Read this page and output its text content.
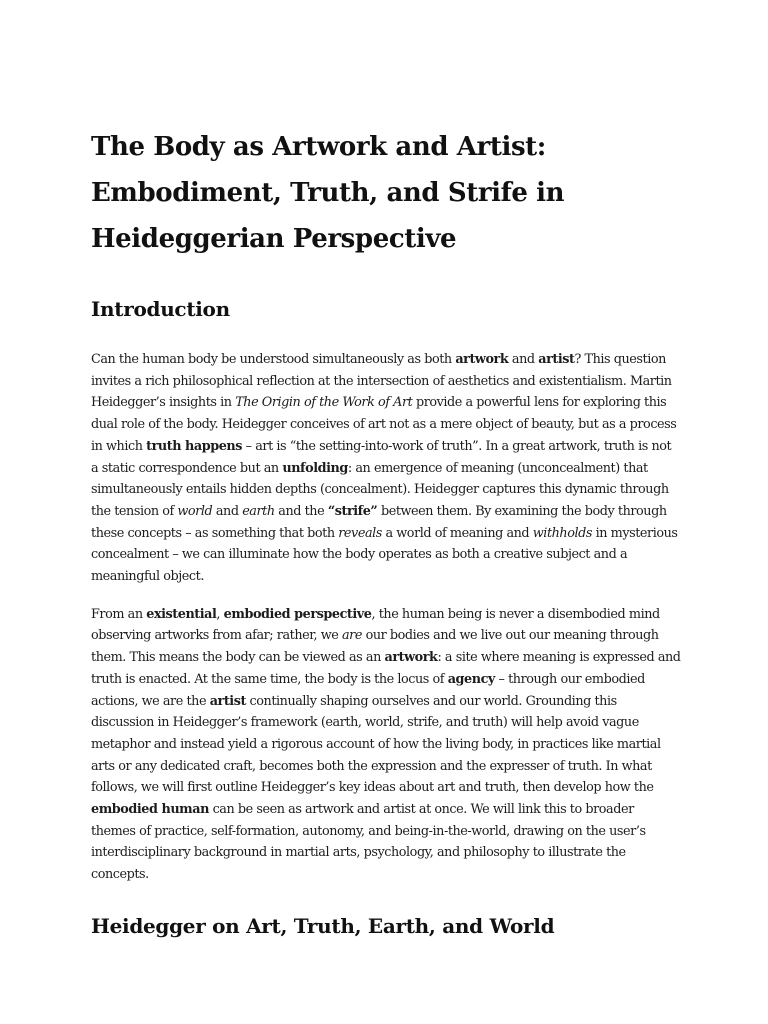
The Body as Artwork and Artist:
Embodiment, Truth, and Strife in
Heideggerian Perspective
Introduction

Can the human body be understood simultaneously as both artwork and artist? This question invites a rich philosophical reflection at the intersection of aesthetics and existentialism. Martin Heidegger’s insights in The Origin of the Work of Art provide a powerful lens for exploring this dual role of the body. Heidegger conceives of art not as a mere object of beauty, but as a process in which truth happens – art is “the setting-into-work of truth”. In a great artwork, truth is not a static correspondence but an unfolding: an emergence of meaning (unconcealment) that simultaneously entails hidden depths (concealment). Heidegger captures this dynamic through the tension of world and earth and the “strife” between them. By examining the body through these concepts – as something that both reveals a world of meaning and withholds in mysterious concealment – we can illuminate how the body operates as both a creative subject and a meaningful object.

From an existential, embodied perspective, the human being is never a disembodied mind observing artworks from afar; rather, we are our bodies and we live out our meaning through them. This means the body can be viewed as an artwork: a site where meaning is expressed and truth is enacted. At the same time, the body is the locus of agency – through our embodied actions, we are the artist continually shaping ourselves and our world. Grounding this discussion in Heidegger’s framework (earth, world, strife, and truth) will help avoid vague metaphor and instead yield a rigorous account of how the living body, in practices like martial arts or any dedicated craft, becomes both the expression and the expresser of truth. In what follows, we will first outline Heidegger’s key ideas about art and truth, then develop how the embodied human can be seen as artwork and artist at once. We will link this to broader themes of practice, self-formation, autonomy, and being-in-the-world, drawing on the user’s interdisciplinary background in martial arts, psychology, and philosophy to illustrate the concepts.

Heidegger on Art, Truth, Earth, and World
